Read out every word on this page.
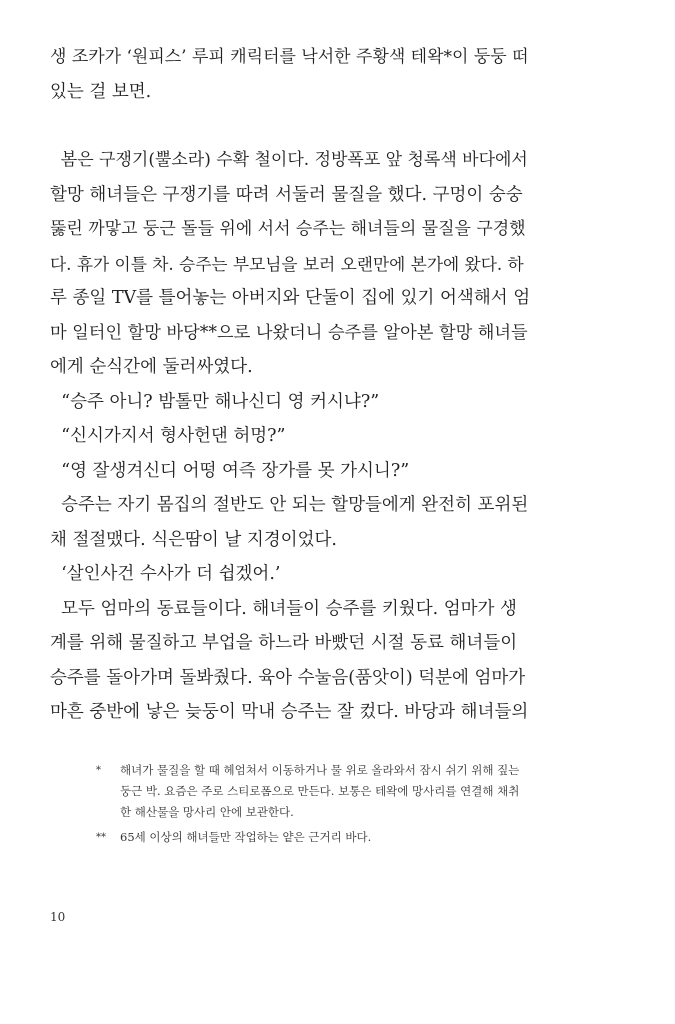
생 조카가 ‘원피스’ 루피 캐릭터를 낙서한 주황색 테왁*이 둥둥 떠
있는 걸 보면.
봄은 구쟁기(뿔소라) 수확 철이다. 정방폭포 앞 청록색 바다에서
할망 해녀들은 구쟁기를 따려 서둘러 물질을 했다. 구멍이 숭숭
뚫린 까맣고 둥근 돌들 위에 서서 승주는 해녀들의 물질을 구경했
다. 휴가 이틀 차. 승주는 부모님을 보러 오랜만에 본가에 왔다. 하
루 종일 TV를 틀어놓는 아버지와 단둘이 집에 있기 어색해서 엄
마 일터인 할망 바당**으로 나왔더니 승주를 알아본 할망 해녀들
에게 순식간에 둘러싸였다.
“승주 아니? 밤톨만 해나신디 영 커시냐?”
“신시가지서 형사헌댄 허멍?”
“영 잘생겨신디 어떵 여즉 장가를 못 가시니?”
승주는 자기 몸집의 절반도 안 되는 할망들에게 완전히 포위된
채 절절맸다. 식은땀이 날 지경이었다.
‘살인사건 수사가 더 쉽겠어.’
모두 엄마의 동료들이다. 해녀들이 승주를 키웠다. 엄마가 생
계를 위해 물질하고 부업을 하느라 바빴던 시절 동료 해녀들이
승주를 돌아가며 돌봐줬다. 육아 수눌음(품앗이) 덕분에 엄마가
마흔 중반에 낳은 늦둥이 막내 승주는 잘 컸다. 바당과 해녀들의
* 해녀가 물질을 할 때 헤엄쳐서 이동하거나 물 위로 올라와서 잠시 쉬기 위해 짚는 둥근 박. 요즘은 주로 스티로폼으로 만든다. 보통은 테왁에 망사리를 연결해 채취한 해산물을 망사리 안에 보관한다.
** 65세 이상의 해녀들만 작업하는 얕은 근거리 바다.
10
